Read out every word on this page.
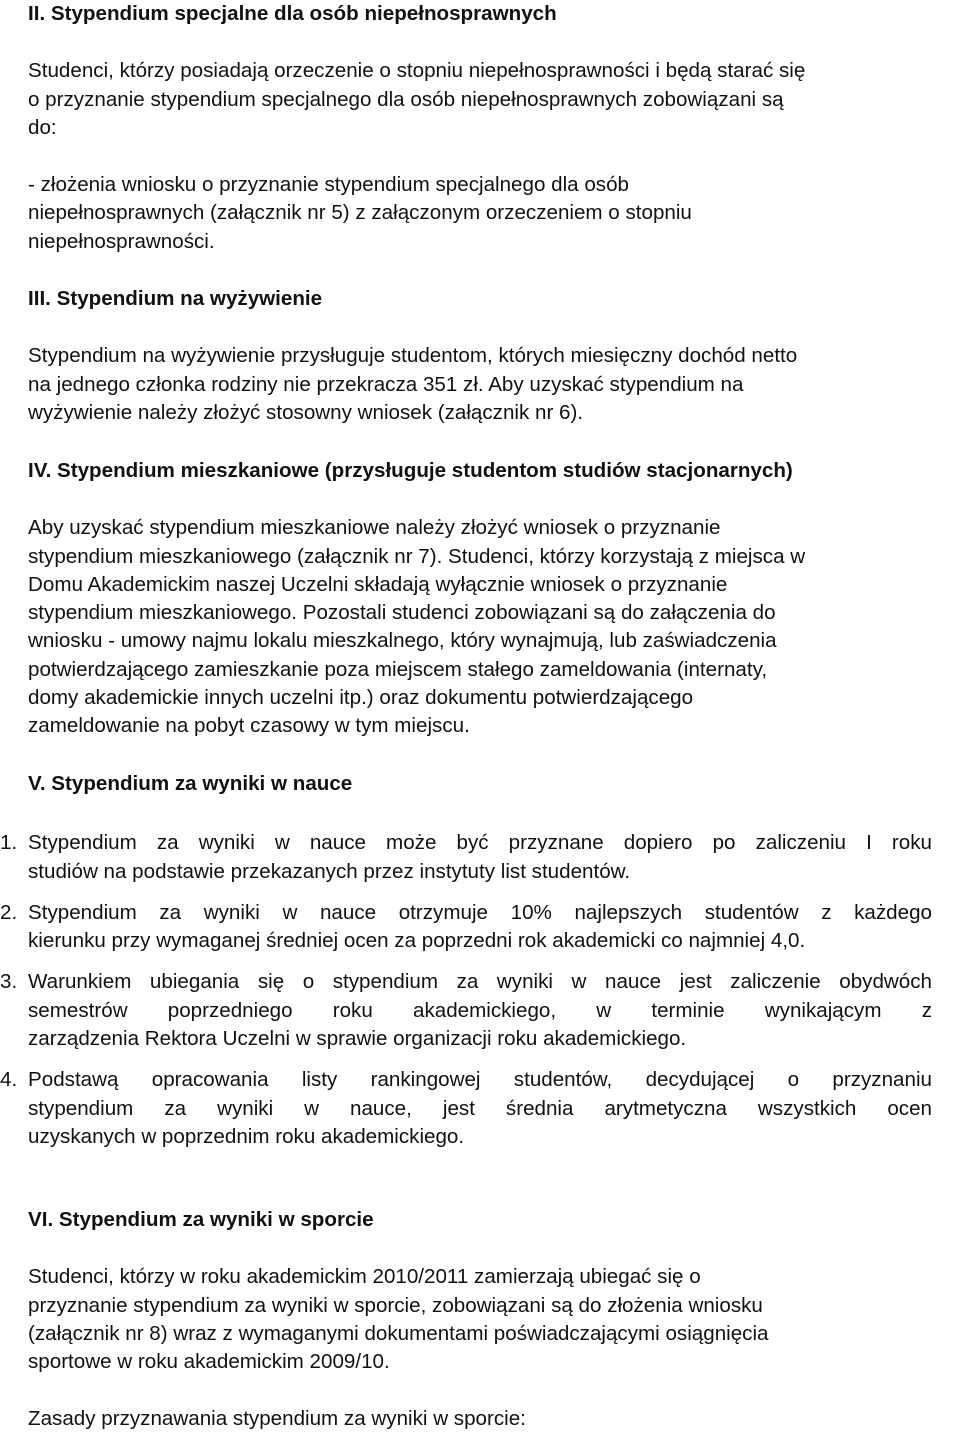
II. Stypendium specjalne dla osób niepełnosprawnych

Studenci, którzy posiadają orzeczenie o stopniu niepełnosprawności i będą starać się
o przyznanie stypendium specjalnego dla osób niepełnosprawnych zobowiązani są
do:
- złożenia wniosku o przyznanie stypendium specjalnego dla osób
niepełnosprawnych (załącznik nr 5) z załączonym orzeczeniem o stopniu
niepełnosprawności.

III. Stypendium na wyżywienie

Stypendium na wyżywienie przysługuje studentom, których miesięczny dochód netto
na jednego członka rodziny nie przekracza 351 zł. Aby uzyskać stypendium na
wyżywienie należy złożyć stosowny wniosek (załącznik nr 6).

IV. Stypendium mieszkaniowe (przysługuje studentom studiów stacjonarnych)

Aby uzyskać stypendium mieszkaniowe należy złożyć wniosek o przyznanie
stypendium mieszkaniowego (załącznik nr 7). Studenci, którzy korzystają z miejsca w
Domu Akademickim naszej Uczelni składają wyłącznie wniosek o przyznanie
stypendium mieszkaniowego. Pozostali studenci zobowiązani są do załączenia do
wniosku - umowy najmu lokalu mieszkalnego, który wynajmują, lub zaświadczenia
potwierdzającego zamieszkanie poza miejscem stałego zameldowania (internaty,
domy akademickie innych uczelni itp.) oraz dokumentu potwierdzającego
zameldowanie na pobyt czasowy w tym miejscu.

V. Stypendium za wyniki w nauce

1. Stypendium za wyniki w nauce może być przyznane dopiero po zaliczeniu I roku
studiów na podstawie przekazanych przez instytuty list studentów.
2. Stypendium za wyniki w nauce otrzymuje 10% najlepszych studentów z każdego
kierunku przy wymaganej średniej ocen za poprzedni rok akademicki co najmniej 4,0.
3. Warunkiem ubiegania się o stypendium za wyniki w nauce jest zaliczenie obydwóch
semestrów poprzedniego roku akademickiego, w terminie wynikającym z
zarządzenia Rektora Uczelni w sprawie organizacji roku akademickiego.
4. Podstawą opracowania listy rankingowej studentów, decydującej o przyznaniu
stypendium za wyniki w nauce, jest średnia arytmetyczna wszystkich ocen
uzyskanych w poprzednim roku akademickiego.

VI. Stypendium za wyniki w sporcie

Studenci, którzy w roku akademickim 2010/2011 zamierzają ubiegać się o
przyznanie stypendium za wyniki w sporcie, zobowiązani są do złożenia wniosku
(załącznik nr 8) wraz z wymaganymi dokumentami poświadczającymi osiągnięcia
sportowe w roku akademickim 2009/10.

Zasady przyznawania stypendium za wyniki w sporcie:
